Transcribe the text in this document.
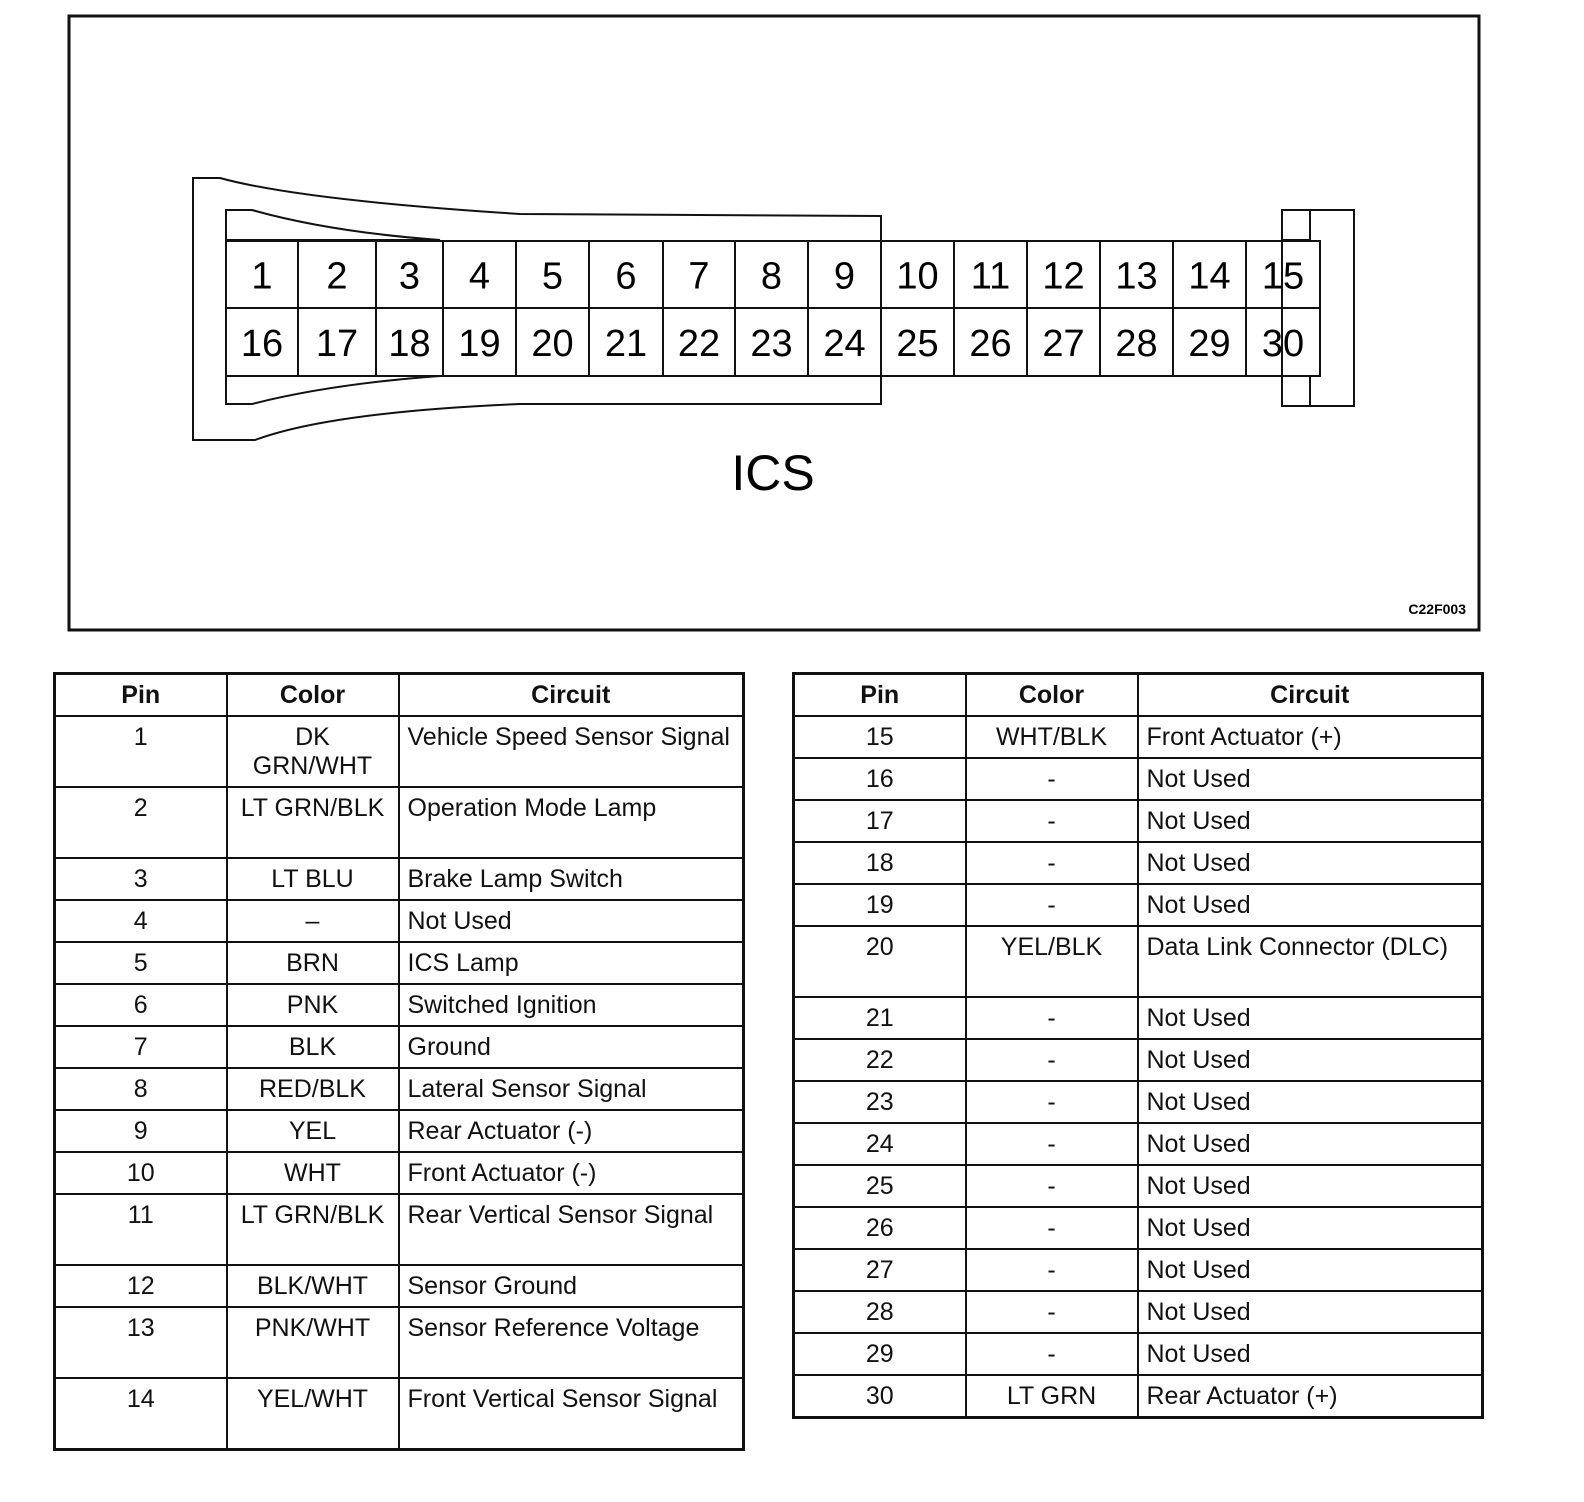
1 2 3 4 5 6 7 8 9 10 11 12 13 14 15
16 17 18 19 20 21 22 23 24 25 26 27 28 29 30
ICS
C22F003
Pin	Color	Circuit
1	DK GRN/WHT	Vehicle Speed Sensor Signal
2	LT GRN/BLK	Operation Mode Lamp
3	LT BLU	Brake Lamp Switch
4	–	Not Used
5	BRN	ICS Lamp
6	PNK	Switched Ignition
7	BLK	Ground
8	RED/BLK	Lateral Sensor Signal
9	YEL	Rear Actuator (-)
10	WHT	Front Actuator (-)
11	LT GRN/BLK	Rear Vertical Sensor Signal
12	BLK/WHT	Sensor Ground
13	PNK/WHT	Sensor Reference Voltage
14	YEL/WHT	Front Vertical Sensor Signal
Pin	Color	Circuit
15	WHT/BLK	Front Actuator (+)
16	-	Not Used
17	-	Not Used
18	-	Not Used
19	-	Not Used
20	YEL/BLK	Data Link Connector (DLC)
21	-	Not Used
22	-	Not Used
23	-	Not Used
24	-	Not Used
25	-	Not Used
26	-	Not Used
27	-	Not Used
28	-	Not Used
29	-	Not Used
30	LT GRN	Rear Actuator (+)
